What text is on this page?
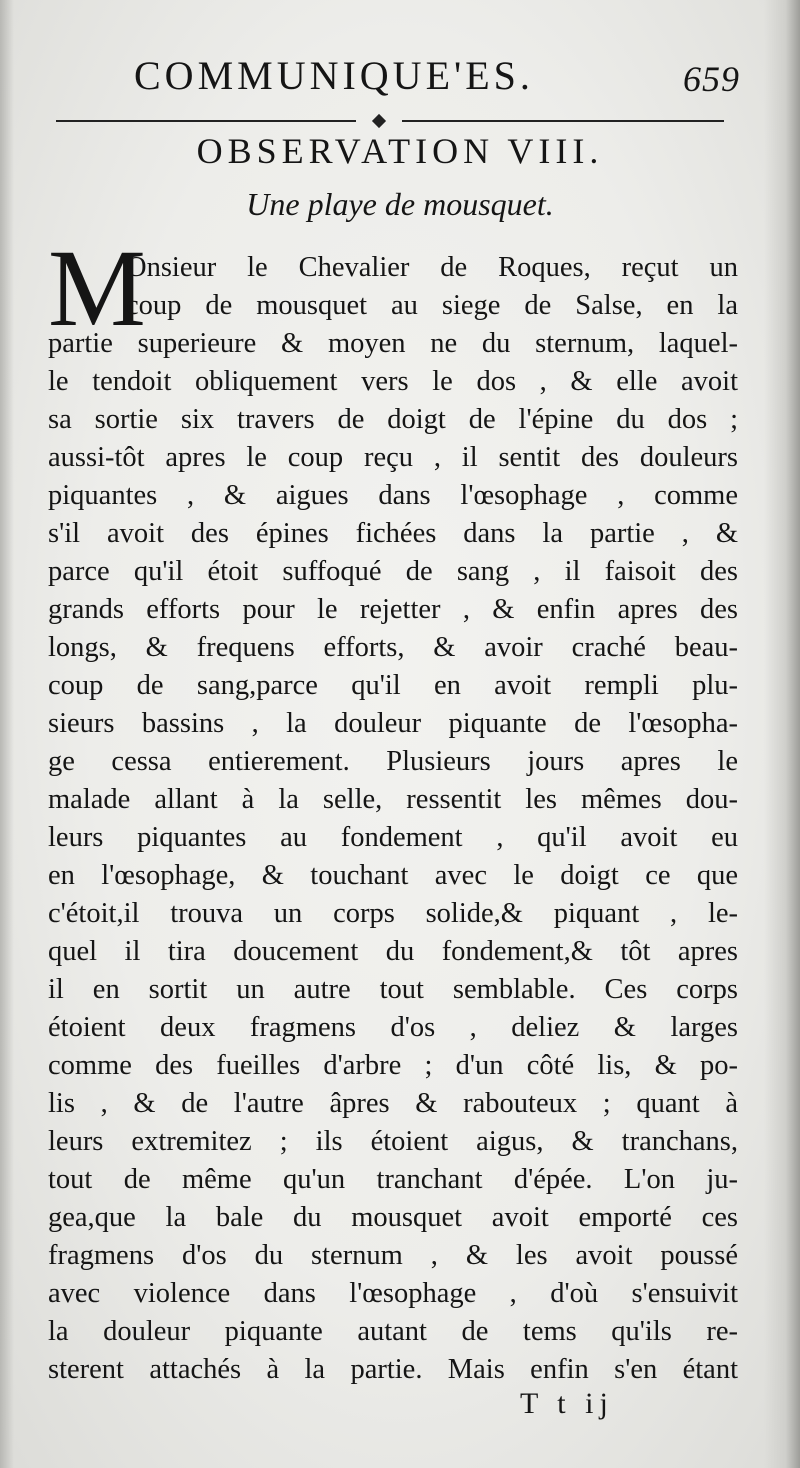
COMMUNIQUE'ES.	659
OBSERVATION VIII.
Une playe de mousquet.
M
Onsieur le Chevalier de Roques, reçut un
coup de mousquet au siege de Salse, en la
partie superieure & moyen ne du sternum, laquel-
le tendoit obliquement vers le dos , & elle avoit
sa sortie six travers de doigt de l'épine du dos ;
aussi-tôt apres le coup reçu , il sentit des douleurs
piquantes , & aigues dans l'œsophage , comme
s'il avoit des épines fichées dans la partie , &
parce qu'il étoit suffoqué de sang , il faisoit des
grands efforts pour le rejetter , & enfin apres des
longs, & frequens efforts, & avoir craché beau-
coup de sang,parce qu'il en avoit rempli plu-
sieurs bassins , la douleur piquante de l'œsopha-
ge cessa entierement. Plusieurs jours apres le
malade allant à la selle, ressentit les mêmes dou-
leurs piquantes au fondement , qu'il avoit eu
en l'œsophage, & touchant avec le doigt ce que
c'étoit,il trouva un corps solide,& piquant , le-
quel il tira doucement du fondement,& tôt apres
il en sortit un autre tout semblable. Ces corps
étoient deux fragmens d'os , deliez & larges
comme des fueilles d'arbre ; d'un côté lis, & po-
lis , & de l'autre âpres & rabouteux ; quant à
leurs extremitez ; ils étoient aigus, & tranchans,
tout de même qu'un tranchant d'épée. L'on ju-
gea,que la bale du mousquet avoit emporté ces
fragmens d'os du sternum , & les avoit poussé
avec violence dans l'œsophage , d'où s'ensuivit
la douleur piquante autant de tems qu'ils re-
sterent attachés à la partie. Mais enfin s'en étant
T t ij
